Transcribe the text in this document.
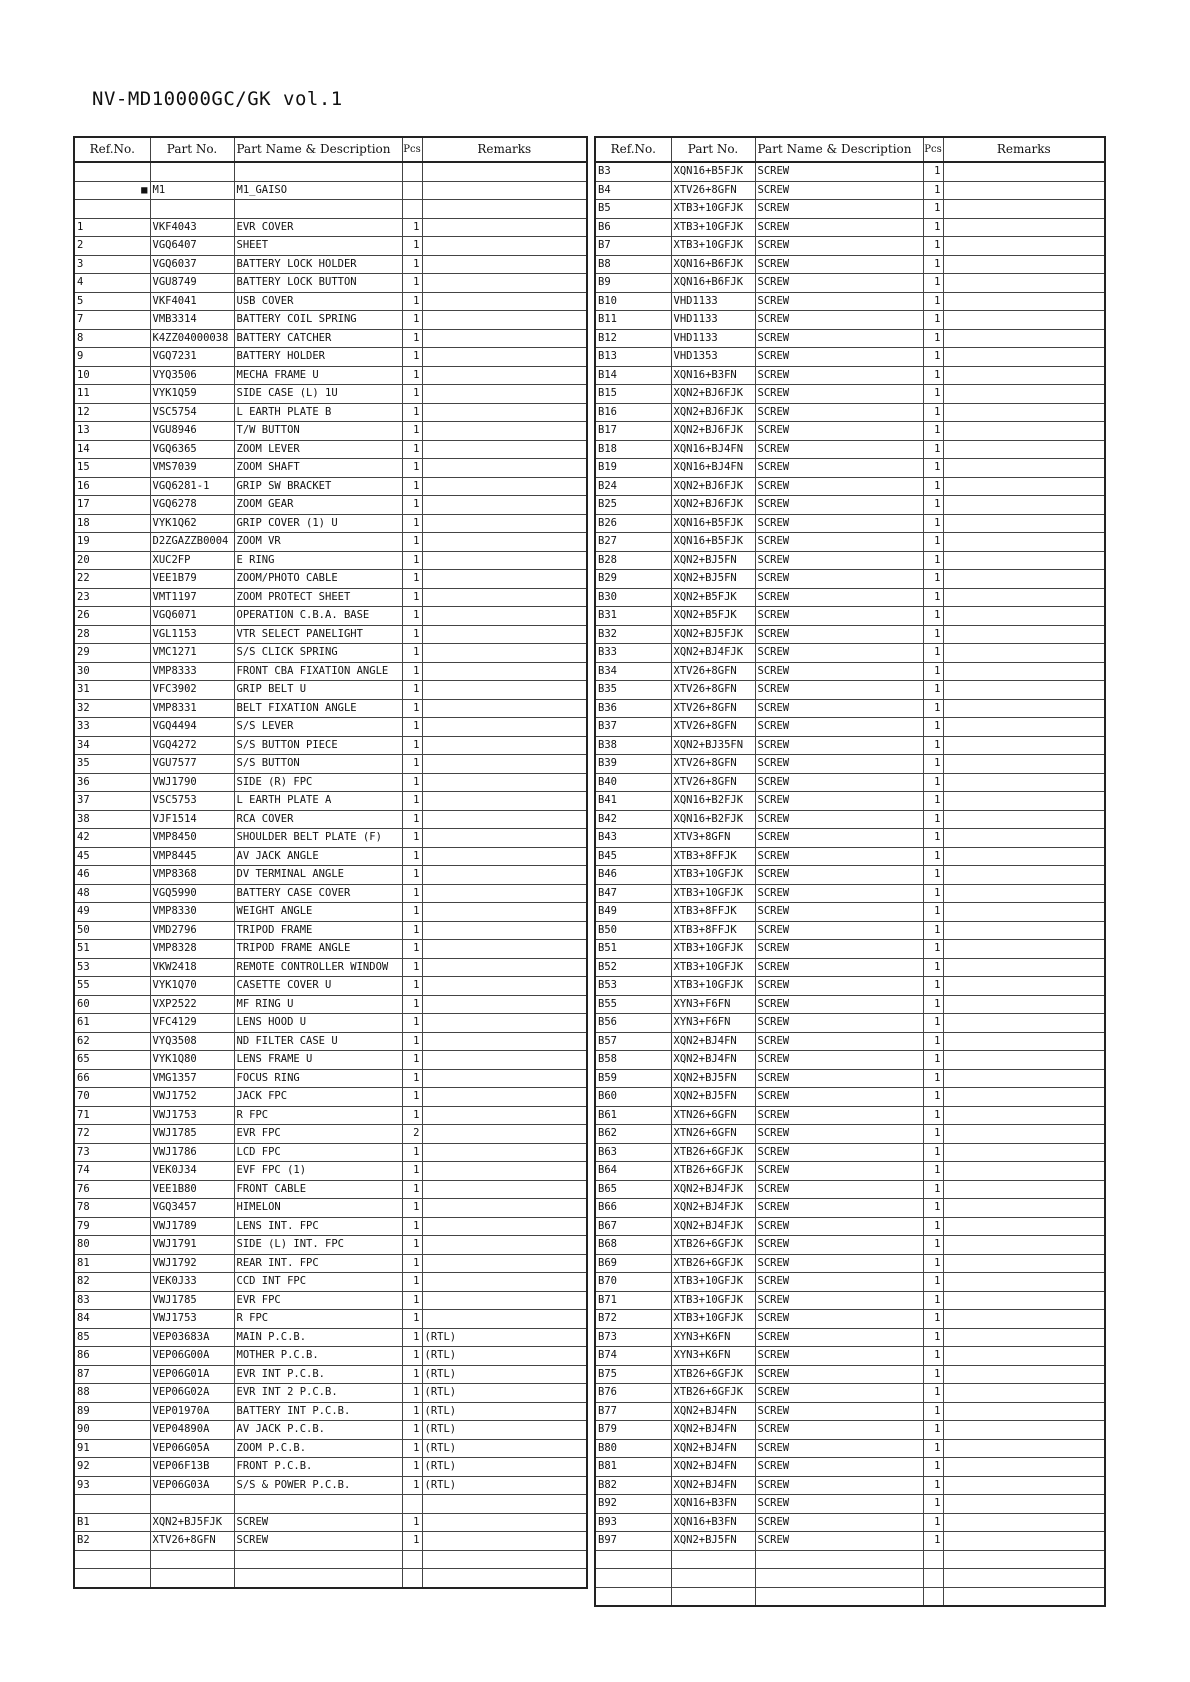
NV-MD10000GC/GK vol.1
Ref.No.	Part No.	Part Name & Description	Pcs	Remarks

■	M1	M1_GAISO		

1	VKF4043	EVR COVER	1	
2	VGQ6407	SHEET	1	
3	VGQ6037	BATTERY LOCK HOLDER	1	
4	VGU8749	BATTERY LOCK BUTTON	1	
5	VKF4041	USB COVER	1	
7	VMB3314	BATTERY COIL SPRING	1	
8	K4ZZ04000038	BATTERY CATCHER	1	
9	VGQ7231	BATTERY HOLDER	1	
10	VYQ3506	MECHA FRAME U	1	
11	VYK1Q59	SIDE CASE (L) 1U	1	
12	VSC5754	L EARTH PLATE B	1	
13	VGU8946	T/W BUTTON	1	
14	VGQ6365	ZOOM LEVER	1	
15	VMS7039	ZOOM SHAFT	1	
16	VGQ6281-1	GRIP SW BRACKET	1	
17	VGQ6278	ZOOM GEAR	1	
18	VYK1Q62	GRIP COVER (1) U	1	
19	D2ZGAZZB0004	ZOOM VR	1	
20	XUC2FP	E RING	1	
22	VEE1B79	ZOOM/PHOTO CABLE	1	
23	VMT1197	ZOOM PROTECT SHEET	1	
26	VGQ6071	OPERATION C.B.A. BASE	1	
28	VGL1153	VTR SELECT PANELIGHT	1	
29	VMC1271	S/S CLICK SPRING	1	
30	VMP8333	FRONT CBA FIXATION ANGLE	1	
31	VFC3902	GRIP BELT U	1	
32	VMP8331	BELT FIXATION ANGLE	1	
33	VGQ4494	S/S LEVER	1	
34	VGQ4272	S/S BUTTON PIECE	1	
35	VGU7577	S/S BUTTON	1	
36	VWJ1790	SIDE (R) FPC	1	
37	VSC5753	L EARTH PLATE A	1	
38	VJF1514	RCA COVER	1	
42	VMP8450	SHOULDER BELT PLATE (F)	1	
45	VMP8445	AV JACK ANGLE	1	
46	VMP8368	DV TERMINAL ANGLE	1	
48	VGQ5990	BATTERY CASE COVER	1	
49	VMP8330	WEIGHT ANGLE	1	
50	VMD2796	TRIPOD FRAME	1	
51	VMP8328	TRIPOD FRAME ANGLE	1	
53	VKW2418	REMOTE CONTROLLER WINDOW	1	
55	VYK1Q70	CASETTE COVER U	1	
60	VXP2522	MF RING U	1	
61	VFC4129	LENS HOOD U	1	
62	VYQ3508	ND FILTER CASE U	1	
65	VYK1Q80	LENS FRAME U	1	
66	VMG1357	FOCUS RING	1	
70	VWJ1752	JACK FPC	1	
71	VWJ1753	R FPC	1	
72	VWJ1785	EVR FPC	2	
73	VWJ1786	LCD FPC	1	
74	VEK0J34	EVF FPC (1)	1	
76	VEE1B80	FRONT CABLE	1	
78	VGQ3457	HIMELON	1	
79	VWJ1789	LENS INT. FPC	1	
80	VWJ1791	SIDE (L) INT. FPC	1	
81	VWJ1792	REAR INT. FPC	1	
82	VEK0J33	CCD INT FPC	1	
83	VWJ1785	EVR FPC	1	
84	VWJ1753	R FPC	1	
85	VEP03683A	MAIN P.C.B.	1	(RTL)
86	VEP06G00A	MOTHER P.C.B.	1	(RTL)
87	VEP06G01A	EVR INT P.C.B.	1	(RTL)
88	VEP06G02A	EVR INT 2 P.C.B.	1	(RTL)
89	VEP01970A	BATTERY INT P.C.B.	1	(RTL)
90	VEP04890A	AV JACK P.C.B.	1	(RTL)
91	VEP06G05A	ZOOM P.C.B.	1	(RTL)
92	VEP06F13B	FRONT P.C.B.	1	(RTL)
93	VEP06G03A	S/S & POWER P.C.B.	1	(RTL)

B1	XQN2+BJ5FJK	SCREW	1	
B2	XTV26+8GFN	SCREW	1	

Ref.No.	Part No.	Part Name & Description	Pcs	Remarks
B3	XQN16+B5FJK	SCREW	1	
B4	XTV26+8GFN	SCREW	1	
B5	XTB3+10GFJK	SCREW	1	
B6	XTB3+10GFJK	SCREW	1	
B7	XTB3+10GFJK	SCREW	1	
B8	XQN16+B6FJK	SCREW	1	
B9	XQN16+B6FJK	SCREW	1	
B10	VHD1133	SCREW	1	
B11	VHD1133	SCREW	1	
B12	VHD1133	SCREW	1	
B13	VHD1353	SCREW	1	
B14	XQN16+B3FN	SCREW	1	
B15	XQN2+BJ6FJK	SCREW	1	
B16	XQN2+BJ6FJK	SCREW	1	
B17	XQN2+BJ6FJK	SCREW	1	
B18	XQN16+BJ4FN	SCREW	1	
B19	XQN16+BJ4FN	SCREW	1	
B24	XQN2+BJ6FJK	SCREW	1	
B25	XQN2+BJ6FJK	SCREW	1	
B26	XQN16+B5FJK	SCREW	1	
B27	XQN16+B5FJK	SCREW	1	
B28	XQN2+BJ5FN	SCREW	1	
B29	XQN2+BJ5FN	SCREW	1	
B30	XQN2+B5FJK	SCREW	1	
B31	XQN2+B5FJK	SCREW	1	
B32	XQN2+BJ5FJK	SCREW	1	
B33	XQN2+BJ4FJK	SCREW	1	
B34	XTV26+8GFN	SCREW	1	
B35	XTV26+8GFN	SCREW	1	
B36	XTV26+8GFN	SCREW	1	
B37	XTV26+8GFN	SCREW	1	
B38	XQN2+BJ35FN	SCREW	1	
B39	XTV26+8GFN	SCREW	1	
B40	XTV26+8GFN	SCREW	1	
B41	XQN16+B2FJK	SCREW	1	
B42	XQN16+B2FJK	SCREW	1	
B43	XTV3+8GFN	SCREW	1	
B45	XTB3+8FFJK	SCREW	1	
B46	XTB3+10GFJK	SCREW	1	
B47	XTB3+10GFJK	SCREW	1	
B49	XTB3+8FFJK	SCREW	1	
B50	XTB3+8FFJK	SCREW	1	
B51	XTB3+10GFJK	SCREW	1	
B52	XTB3+10GFJK	SCREW	1	
B53	XTB3+10GFJK	SCREW	1	
B55	XYN3+F6FN	SCREW	1	
B56	XYN3+F6FN	SCREW	1	
B57	XQN2+BJ4FN	SCREW	1	
B58	XQN2+BJ4FN	SCREW	1	
B59	XQN2+BJ5FN	SCREW	1	
B60	XQN2+BJ5FN	SCREW	1	
B61	XTN26+6GFN	SCREW	1	
B62	XTN26+6GFN	SCREW	1	
B63	XTB26+6GFJK	SCREW	1	
B64	XTB26+6GFJK	SCREW	1	
B65	XQN2+BJ4FJK	SCREW	1	
B66	XQN2+BJ4FJK	SCREW	1	
B67	XQN2+BJ4FJK	SCREW	1	
B68	XTB26+6GFJK	SCREW	1	
B69	XTB26+6GFJK	SCREW	1	
B70	XTB3+10GFJK	SCREW	1	
B71	XTB3+10GFJK	SCREW	1	
B72	XTB3+10GFJK	SCREW	1	
B73	XYN3+K6FN	SCREW	1	
B74	XYN3+K6FN	SCREW	1	
B75	XTB26+6GFJK	SCREW	1	
B76	XTB26+6GFJK	SCREW	1	
B77	XQN2+BJ4FN	SCREW	1	
B79	XQN2+BJ4FN	SCREW	1	
B80	XQN2+BJ4FN	SCREW	1	
B81	XQN2+BJ4FN	SCREW	1	
B82	XQN2+BJ4FN	SCREW	1	
B92	XQN16+B3FN	SCREW	1	
B93	XQN16+B3FN	SCREW	1	
B97	XQN2+BJ5FN	SCREW	1	
